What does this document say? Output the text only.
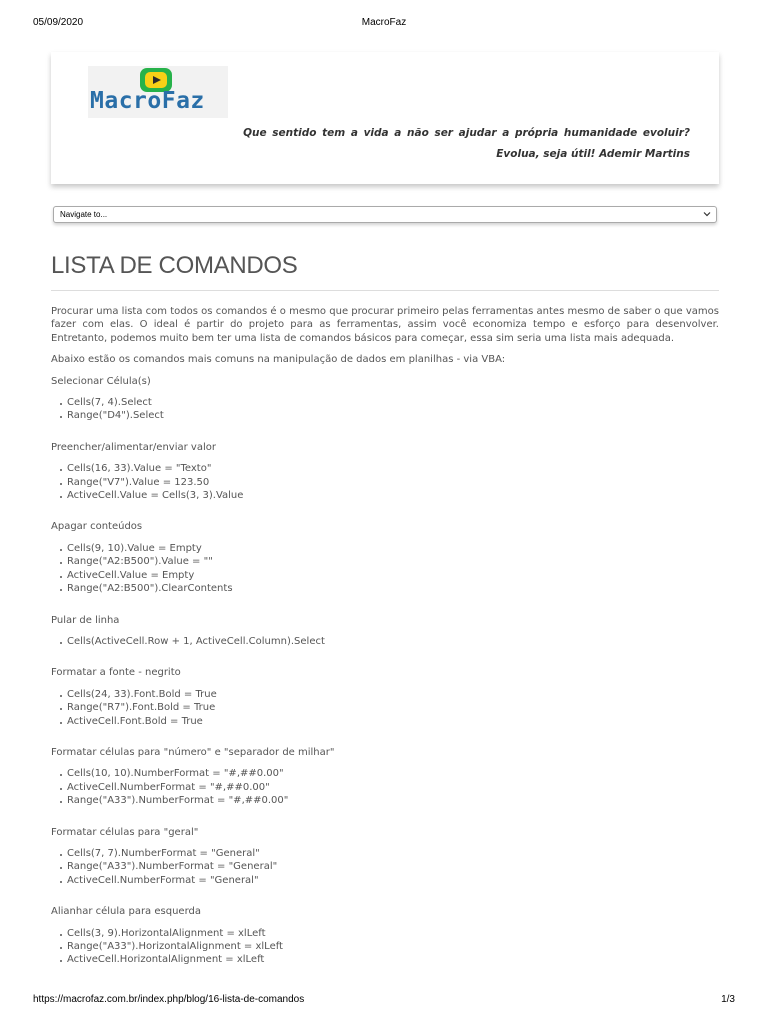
05/09/2020	MacroFaz
MacroFaz
Que sentido tem a vida a não ser ajudar a própria humanidade evoluir?
Evolua, seja útil! Ademir Martins
Navigate to...
LISTA DE COMANDOS

Procurar uma lista com todos os comandos é o mesmo que procurar primeiro pelas ferramentas antes mesmo de saber o que vamos fazer com elas. O ideal é partir do projeto para as ferramentas, assim você economiza tempo e esforço para desenvolver. Entretanto, podemos muito bem ter uma lista de comandos básicos para começar, essa sim seria uma lista mais adequada.

Abaixo estão os comandos mais comuns na manipulação de dados em planilhas - via VBA:

Selecionar Célula(s)

Cells(7, 4).Select
Range("D4").Select

Preencher/alimentar/enviar valor

Cells(16, 33).Value = "Texto"
Range("V7").Value = 123.50
ActiveCell.Value = Cells(3, 3).Value

Apagar conteúdos

Cells(9, 10).Value = Empty
Range("A2:B500").Value = ""
ActiveCell.Value = Empty
Range("A2:B500").ClearContents

Pular de linha

Cells(ActiveCell.Row + 1, ActiveCell.Column).Select

Formatar a fonte - negrito

Cells(24, 33).Font.Bold = True
Range("R7").Font.Bold = True
ActiveCell.Font.Bold = True

Formatar células para "número" e "separador de milhar"

Cells(10, 10).NumberFormat = "#,##0.00"
ActiveCell.NumberFormat = "#,##0.00"
Range("A33").NumberFormat = "#,##0.00"

Formatar células para "geral"

Cells(7, 7).NumberFormat = "General"
Range("A33").NumberFormat = "General"
ActiveCell.NumberFormat = "General"

Alianhar célula para esquerda

Cells(3, 9).HorizontalAlignment = xlLeft
Range("A33").HorizontalAlignment = xlLeft
ActiveCell.HorizontalAlignment = xlLeft
https://macrofaz.com.br/index.php/blog/16-lista-de-comandos	1/3
